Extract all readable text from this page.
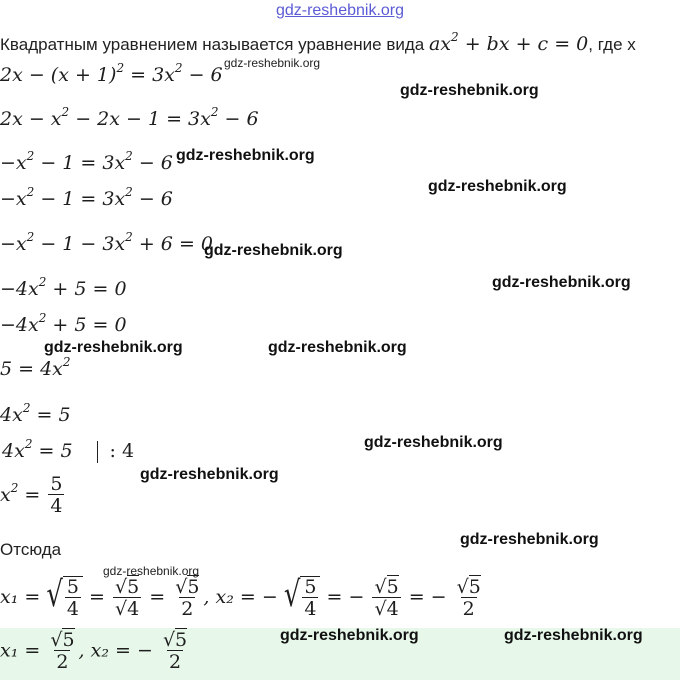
gdz-reshebnik.org
Квадратным уравнением называется уравнение вида $ax^2$ + bx + c = 0, где x
$2x - (x + 1)^2 = 3x^2 - 6$
gdz-reshebnik.org
gdz-reshebnik.org
$2x - x^2 - 2x - 1 = 3x^2 - 6$
$-x^2 - 1 = 3x^2 - 6$ gdz-reshebnik.org
gdz-reshebnik.org
$-x^2 - 1 = 3x^2 - 6$
$-x^2 - 1 - 3x^2 + 6 = 0$
gdz-reshebnik.org
gdz-reshebnik.org
$-4x^2 + 5 = 0$
$-4x^2 + 5 = 0$
gdz-reshebnik.org	gdz-reshebnik.org
$5 = 4x^2$
$4x^2 = 5$
$4x^2 = 5$ : 4	gdz-reshebnik.org
gdz-reshebnik.org
$x^2 = \frac{5}{4}$
Отсюда
gdz-reshebnik.org
gdz-reshebnik.org
x₁ = √ $\frac{5}{4} = \frac{√5}{√4} = \frac{√5}{2}$ , x₂ = − √ $\frac{5}{4}$ = − $\frac{√5}{√4}$ = − $\frac{√5}{2}$
$x_1 = \frac{√5}{2}$ , x₂ = − $\frac{√5}{2}$	gdz-reshebnik.org	gdz-reshebnik.org
